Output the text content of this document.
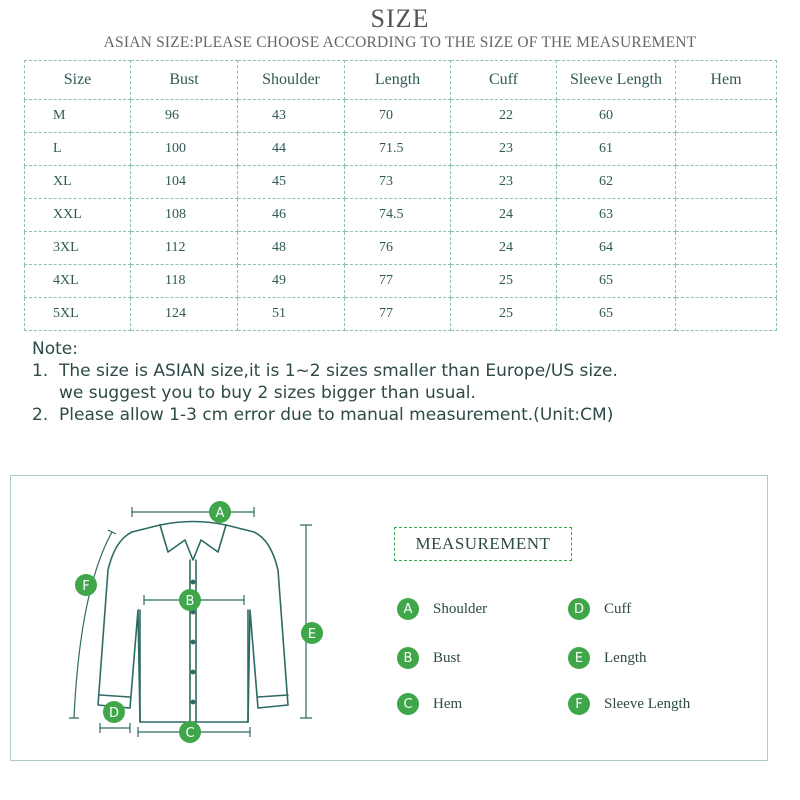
SIZE
ASIAN SIZE:PLEASE CHOOSE ACCORDING TO THE SIZE OF THE MEASUREMENT
Size	Bust	Shoulder	Length	Cuff	Sleeve Length	Hem
M	96	43	70	22	60	
L	100	44	71.5	23	61	
XL	104	45	73	23	62	
XXL	108	46	74.5	24	63	
3XL	112	48	76	24	64	
4XL	118	49	77	25	65	
5XL	124	51	77	25	65	
Note:
1.  The size is ASIAN size,it is 1~2 sizes smaller than Europe/US size.
we suggest you to buy 2 sizes bigger than usual.
2.  Please allow 1-3 cm error due to manual measurement.(Unit:CM)
A
B
C
D
E
F
MEASUREMENT
A	Shoulder
B	Bust
C	Hem
D	Cuff
E	Length
F	Sleeve Length
